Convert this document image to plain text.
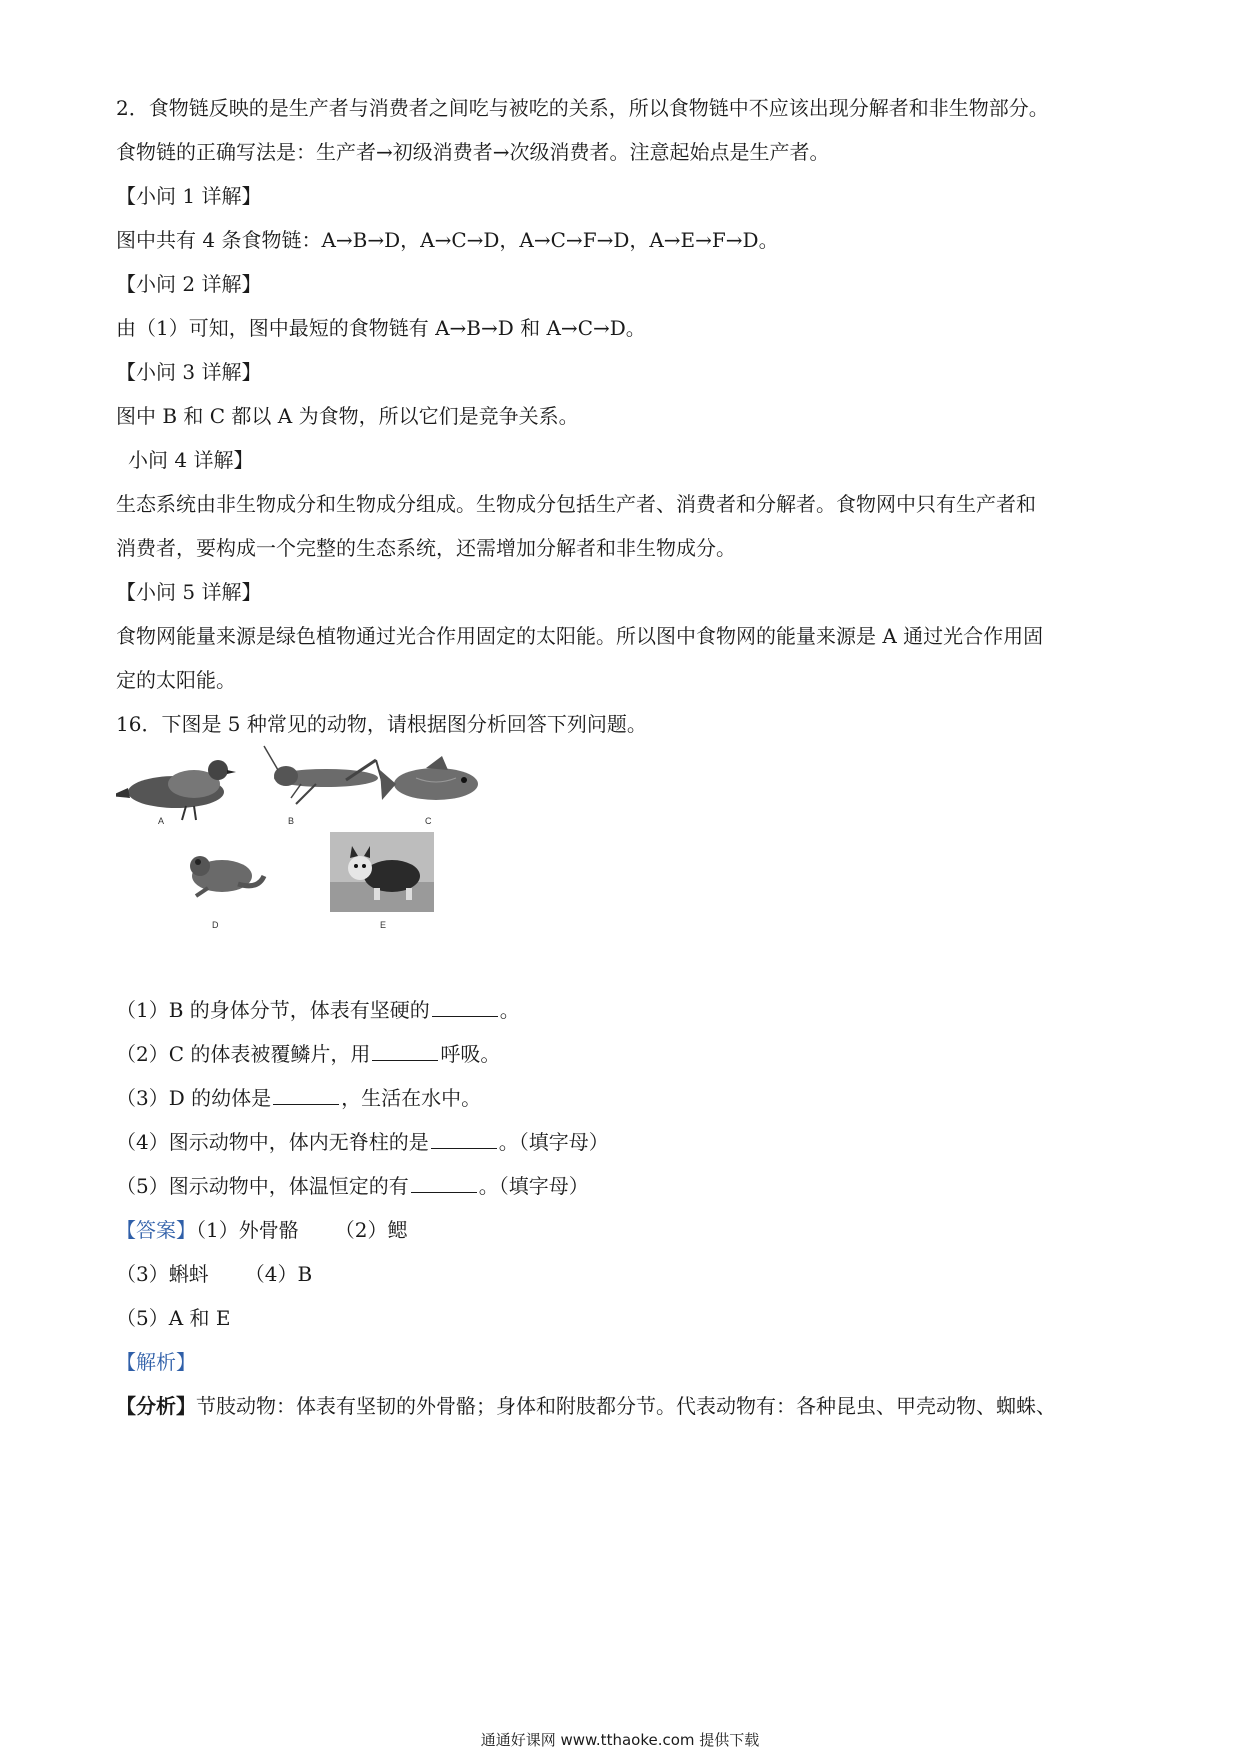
2．食物链反映的是生产者与消费者之间吃与被吃的关系，所以食物链中不应该出现分解者和非生物部分。
食物链的正确写法是：生产者→初级消费者→次级消费者。注意起始点是生产者。
【小问 1 详解】
图中共有 4 条食物链：A→B→D，A→C→D，A→C→F→D，A→E→F→D。
【小问 2 详解】
由（1）可知，图中最短的食物链有 A→B→D 和 A→C→D。
【小问 3 详解】
图中 B 和 C 都以 A 为食物，所以它们是竞争关系。
小问 4 详解】
生态系统由非生物成分和生物成分组成。生物成分包括生产者、消费者和分解者。食物网中只有生产者和
消费者，要构成一个完整的生态系统，还需增加分解者和非生物成分。
【小问 5 详解】
食物网能量来源是绿色植物通过光合作用固定的太阳能。所以图中食物网的能量来源是 A 通过光合作用固
定的太阳能。
16．下图是 5 种常见的动物，请根据图分析回答下列问题。
A	B	C
D	E
（1）B 的身体分节，体表有坚硬的	。
（2）C 的体表被覆鳞片，用	呼吸。
（3）D 的幼体是	，生活在水中。
（4）图示动物中，体内无脊柱的是	。（填字母）
（5）图示动物中，体温恒定的有	。（填字母）
【答案】（1）外骨骼 （2）鳃
（3）蝌蚪 （4）B
（5）A 和 E
【解析】
【分析】节肢动物：体表有坚韧的外骨骼；身体和附肢都分节。代表动物有：各种昆虫、甲壳动物、蜘蛛、
通通好课网 www.tthaoke.com 提供下载
